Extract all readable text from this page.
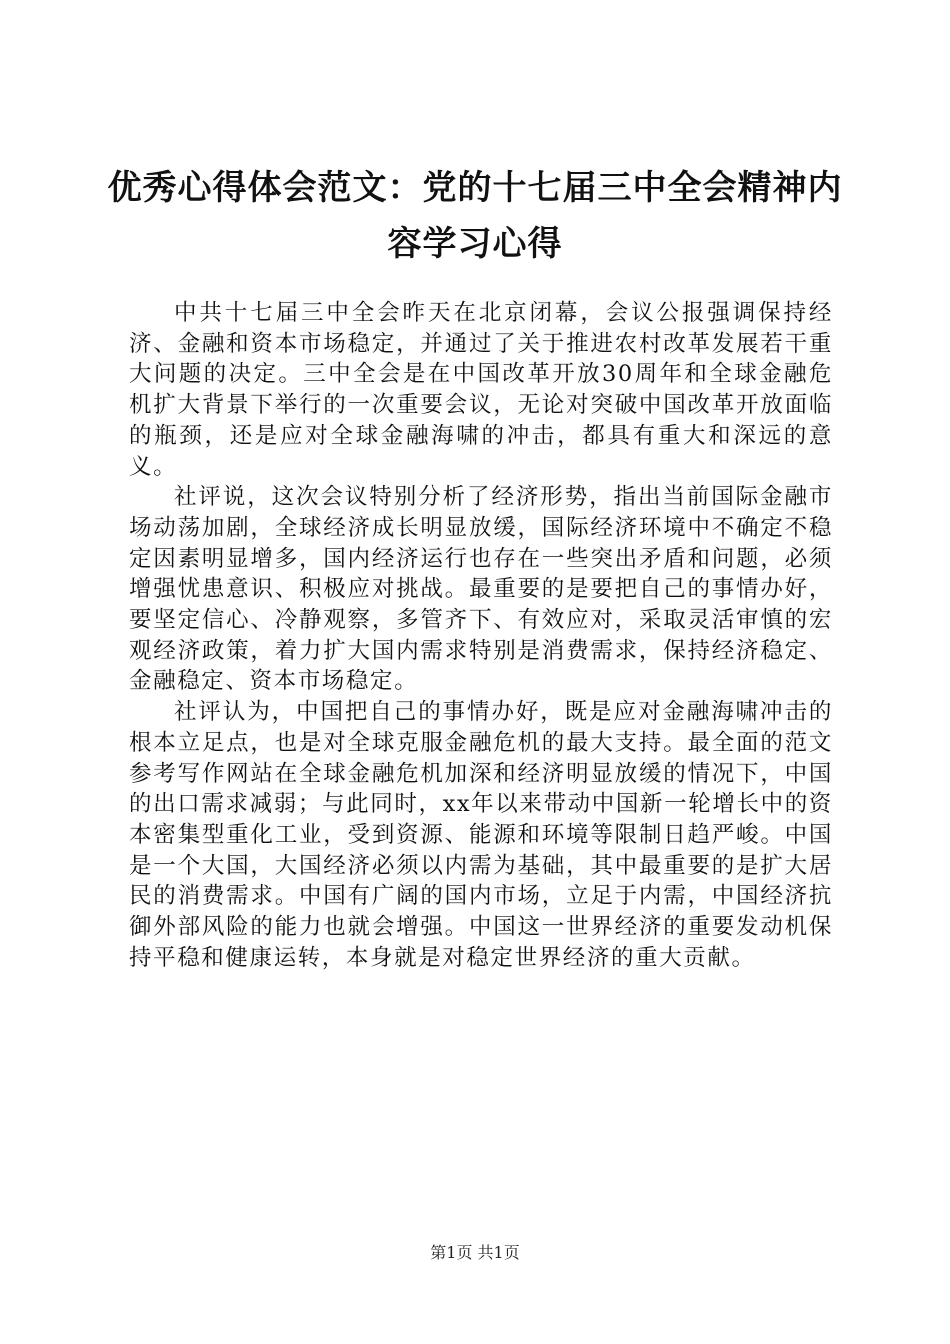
优秀心得体会范文：党的十七届三中全会精神内容学习心得

中共十七届三中全会昨天在北京闭幕，会议公报强调保持经济、金融和资本市场稳定，并通过了关于推进农村改革发展若干重大问题的决定。三中全会是在中国改革开放30周年和全球金融危机扩大背景下举行的一次重要会议，无论对突破中国改革开放面临的瓶颈，还是应对全球金融海啸的冲击，都具有重大和深远的意义。

社评说，这次会议特别分析了经济形势，指出当前国际金融市场动荡加剧，全球经济成长明显放缓，国际经济环境中不确定不稳定因素明显增多，国内经济运行也存在一些突出矛盾和问题，必须增强忧患意识、积极应对挑战。最重要的是要把自己的事情办好，要坚定信心、冷静观察，多管齐下、有效应对，采取灵活审慎的宏观经济政策，着力扩大国内需求特别是消费需求，保持经济稳定、金融稳定、资本市场稳定。

社评认为，中国把自己的事情办好，既是应对金融海啸冲击的根本立足点，也是对全球克服金融危机的最大支持。最全面的范文参考写作网站在全球金融危机加深和经济明显放缓的情况下，中国的出口需求减弱；与此同时，xx年以来带动中国新一轮增长中的资本密集型重化工业，受到资源、能源和环境等限制日趋严峻。中国是一个大国，大国经济必须以内需为基础，其中最重要的是扩大居民的消费需求。中国有广阔的国内市场，立足于内需，中国经济抗御外部风险的能力也就会增强。中国这一世界经济的重要发动机保持平稳和健康运转，本身就是对稳定世界经济的重大贡献。

第1页 共1页
